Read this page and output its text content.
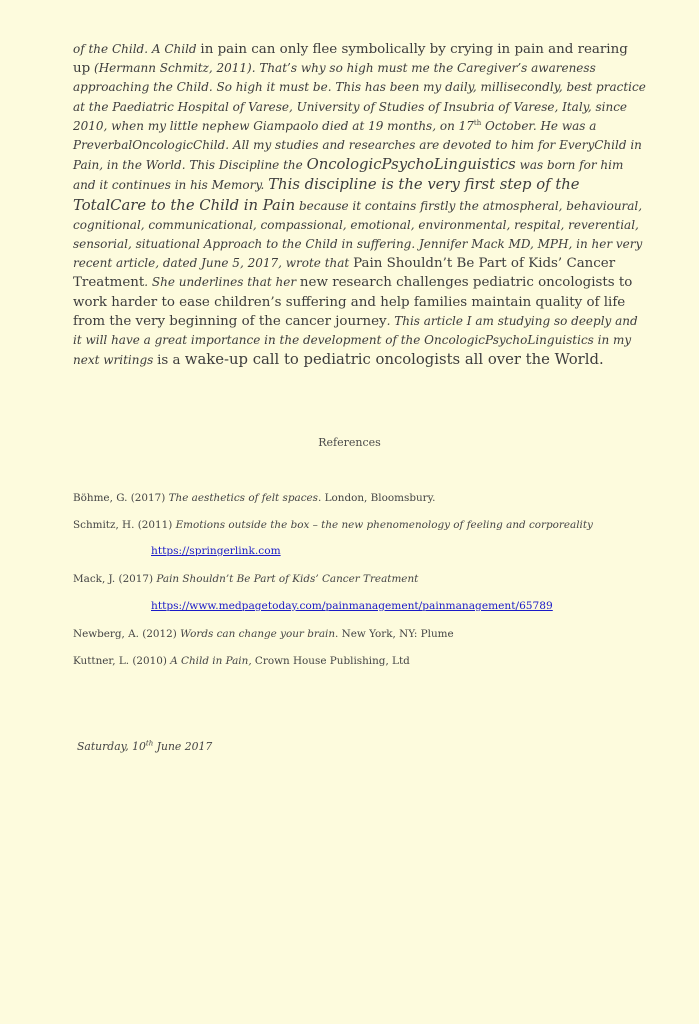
of the Child. A Child in pain can only flee symbolically by crying in pain and rearing up (Hermann Schmitz, 2011). That’s why so high must me the Caregiver’s awareness approaching the Child. So high it must be. This has been my daily, millisecondly, best practice at the Paediatric Hospital of Varese, University of Studies of Insubria of Varese, Italy, since 2010, when my little nephew Giampaolo died at 19 months, on 17th October. He was a PreverbalOncologicChild. All my studies and researches are devoted to him for EveryChild in Pain, in the World. This Discipline the OncologicPsychoLinguistics was born for him and it continues in his Memory. This discipline is the very first step of the TotalCare to the Child in Pain because it contains firstly the atmospheral, behavioural, cognitional, communicational, compassional, emotional, environmental, respital, reverential, sensorial, situational Approach to the Child in suffering. Jennifer Mack MD, MPH, in her very recent article, dated June 5, 2017, wrote that Pain Shouldn’t Be Part of Kids’ Cancer Treatment. She underlines that her new research challenges pediatric oncologists to work harder to ease children’s suffering and help families maintain quality of life from the very beginning of the cancer journey. This article I am studying so deeply and it will have a great importance in the development of the OncologicPsychoLinguistics in my next writings is a wake-up call to pediatric oncologists all over the World.

References
Böhme, G. (2017) The aesthetics of felt spaces. London, Bloomsbury.
Schmitz, H. (2011) Emotions outside the box – the new phenomenology of feeling and corporeality
https://springerlink.com
Mack, J. (2017) Pain Shouldn’t Be Part of Kids’ Cancer Treatment
https://www.medpagetoday.com/painmanagement/painmanagement/65789
Newberg, A. (2012) Words can change your brain. New York, NY: Plume
Kuttner, L. (2010) A Child in Pain, Crown House Publishing, Ltd
Saturday, 10th June 2017
